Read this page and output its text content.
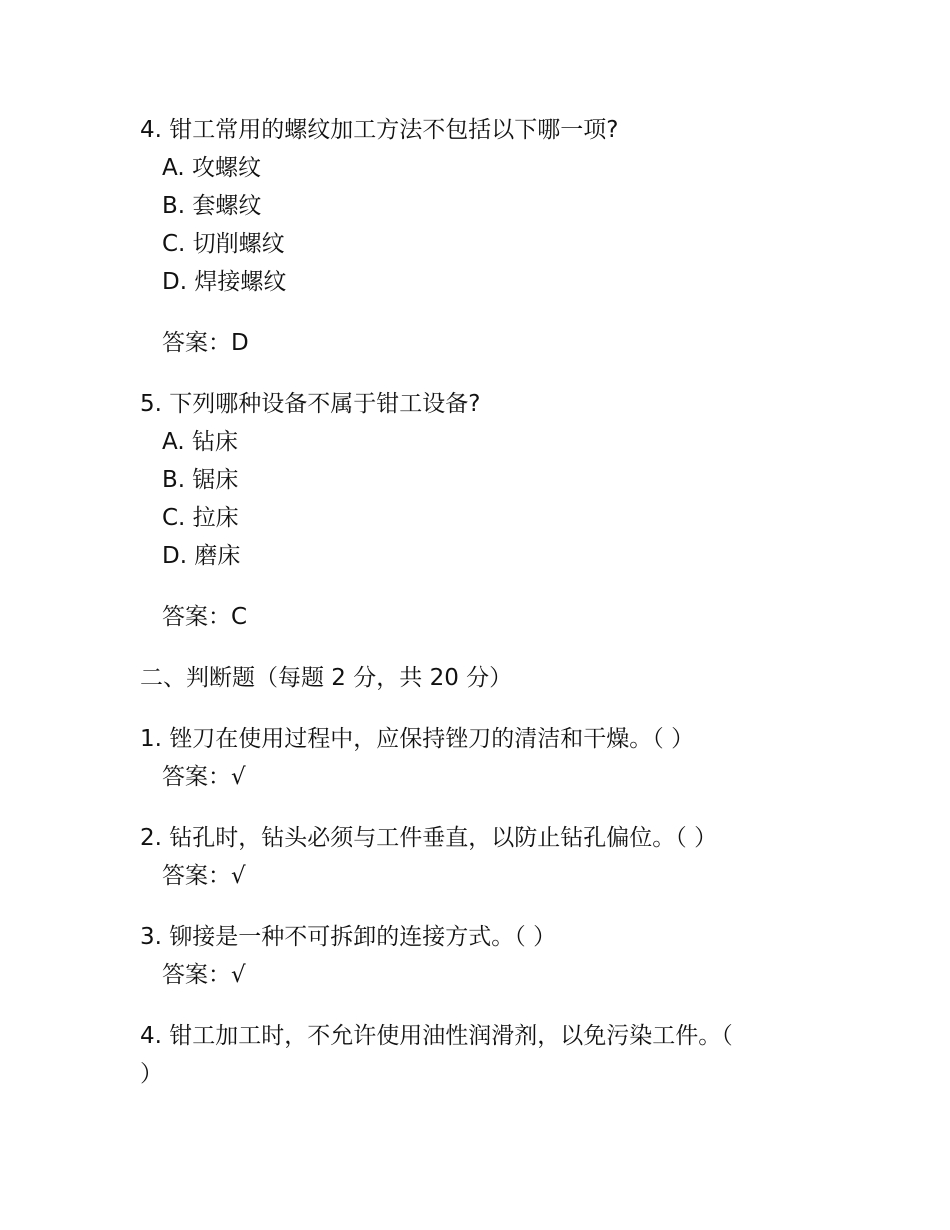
4. 钳工常用的螺纹加工方法不包括以下哪一项?

A. 攻螺纹

B. 套螺纹

C. 切削螺纹

D. 焊接螺纹

答案：D

5. 下列哪种设备不属于钳工设备?

A. 钻床

B. 锯床

C. 拉床

D. 磨床

答案：C

二、判断题（每题 2 分，共 20 分）

1. 锉刀在使用过程中，应保持锉刀的清洁和干燥。（ ）

答案：√

2. 钻孔时，钻头必须与工件垂直，以防止钻孔偏位。（ ）

答案：√

3. 铆接是一种不可拆卸的连接方式。（ ）

答案：√

4. 钳工加工时，不允许使用油性润滑剂，以免污染工件。（

）
